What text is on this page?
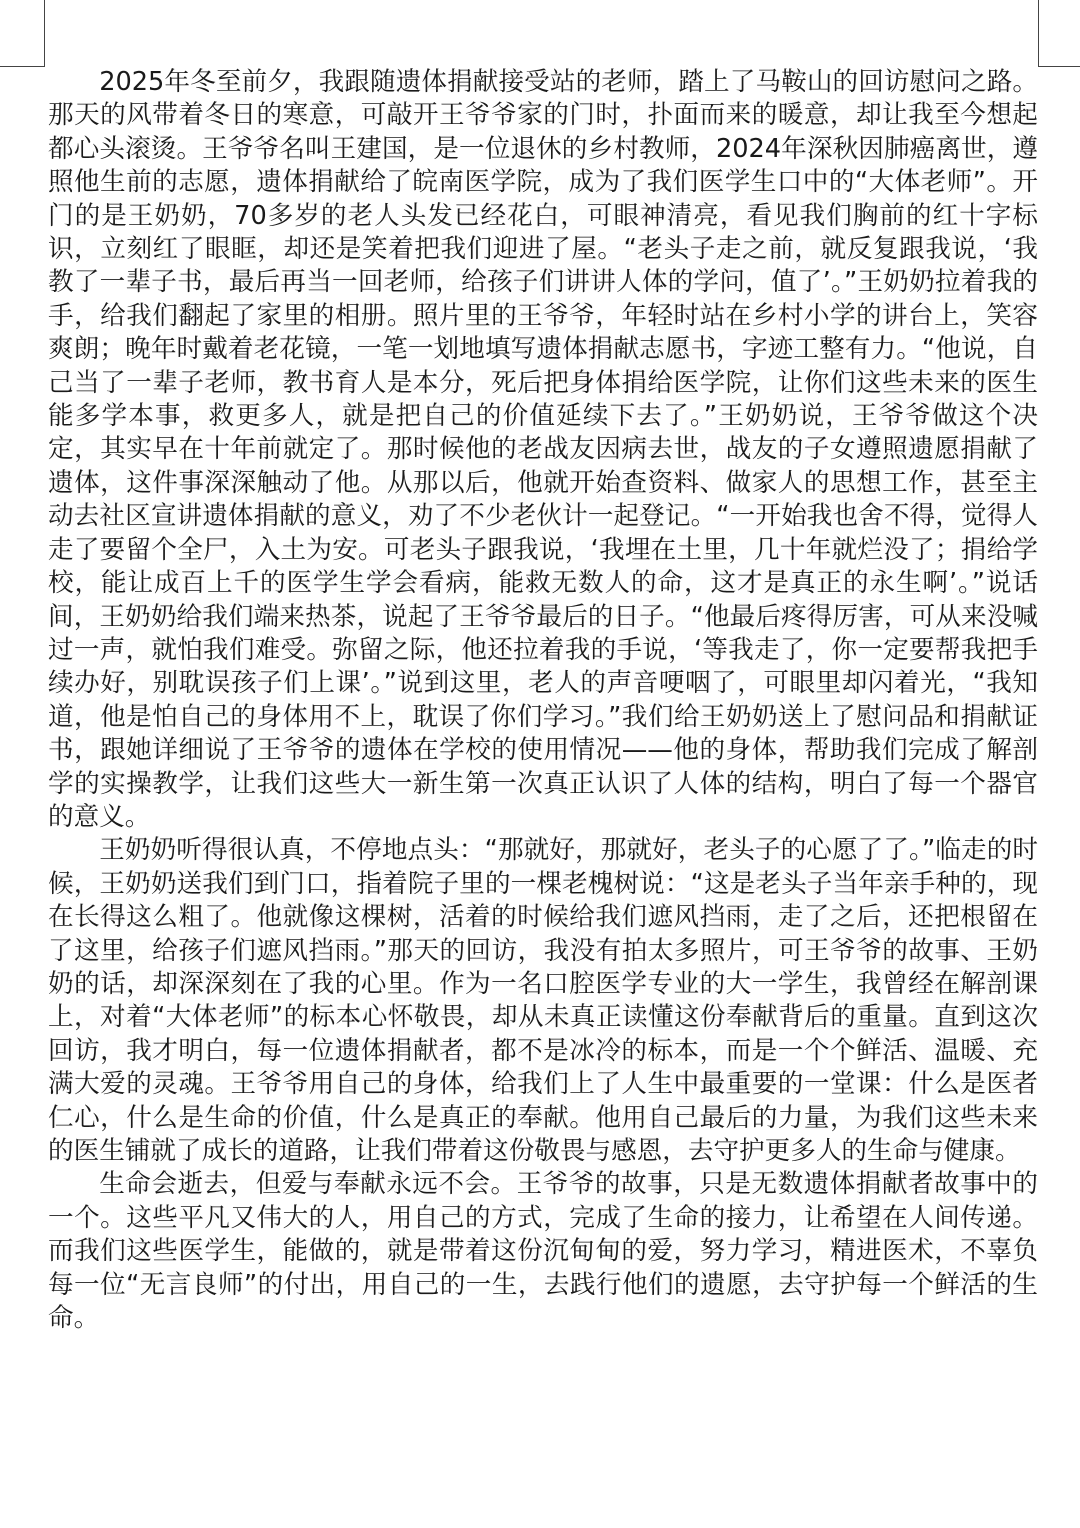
2025年冬至前夕，我跟随遗体捐献接受站的老师，踏上了马鞍山的回访慰问之路。那天的风带着冬日的寒意，可敲开王爷爷家的门时，扑面而来的暖意，却让我至今想起都心头滚烫。王爷爷名叫王建国，是一位退休的乡村教师，2024年深秋因肺癌离世，遵照他生前的志愿，遗体捐献给了皖南医学院，成为了我们医学生口中的“大体老师”。开门的是王奶奶，70多岁的老人头发已经花白，可眼神清亮，看见我们胸前的红十字标识，立刻红了眼眶，却还是笑着把我们迎进了屋。“老头子走之前，就反复跟我说，‘我教了一辈子书，最后再当一回老师，给孩子们讲讲人体的学问，值了’。”王奶奶拉着我的手，给我们翻起了家里的相册。照片里的王爷爷，年轻时站在乡村小学的讲台上，笑容爽朗；晚年时戴着老花镜，一笔一划地填写遗体捐献志愿书，字迹工整有力。“他说，自己当了一辈子老师，教书育人是本分，死后把身体捐给医学院，让你们这些未来的医生能多学本事，救更多人，就是把自己的价值延续下去了。”王奶奶说，王爷爷做这个决定，其实早在十年前就定了。那时候他的老战友因病去世，战友的子女遵照遗愿捐献了遗体，这件事深深触动了他。从那以后，他就开始查资料、做家人的思想工作，甚至主动去社区宣讲遗体捐献的意义，劝了不少老伙计一起登记。“一开始我也舍不得，觉得人走了要留个全尸，入土为安。可老头子跟我说，‘我埋在土里，几十年就烂没了；捐给学校，能让成百上千的医学生学会看病，能救无数人的命，这才是真正的永生啊’。”说话间，王奶奶给我们端来热茶，说起了王爷爷最后的日子。“他最后疼得厉害，可从来没喊过一声，就怕我们难受。弥留之际，他还拉着我的手说，‘等我走了，你一定要帮我把手续办好，别耽误孩子们上课’。”说到这里，老人的声音哽咽了，可眼里却闪着光，“我知道，他是怕自己的身体用不上，耽误了你们学习。”我们给王奶奶送上了慰问品和捐献证书，跟她详细说了王爷爷的遗体在学校的使用情况——他的身体，帮助我们完成了解剖学的实操教学，让我们这些大一新生第一次真正认识了人体的结构，明白了每一个器官的意义。

王奶奶听得很认真，不停地点头：“那就好，那就好，老头子的心愿了了。”临走的时候，王奶奶送我们到门口，指着院子里的一棵老槐树说：“这是老头子当年亲手种的，现在长得这么粗了。他就像这棵树，活着的时候给我们遮风挡雨，走了之后，还把根留在了这里，给孩子们遮风挡雨。”那天的回访，我没有拍太多照片，可王爷爷的故事、王奶奶的话，却深深刻在了我的心里。作为一名口腔医学专业的大一学生，我曾经在解剖课上，对着“大体老师”的标本心怀敬畏，却从未真正读懂这份奉献背后的重量。直到这次回访，我才明白，每一位遗体捐献者，都不是冰冷的标本，而是一个个鲜活、温暖、充满大爱的灵魂。王爷爷用自己的身体，给我们上了人生中最重要的一堂课：什么是医者仁心，什么是生命的价值，什么是真正的奉献。他用自己最后的力量，为我们这些未来的医生铺就了成长的道路，让我们带着这份敬畏与感恩，去守护更多人的生命与健康。

生命会逝去，但爱与奉献永远不会。王爷爷的故事，只是无数遗体捐献者故事中的一个。这些平凡又伟大的人，用自己的方式，完成了生命的接力，让希望在人间传递。而我们这些医学生，能做的，就是带着这份沉甸甸的爱，努力学习，精进医术，不辜负每一位“无言良师”的付出，用自己的一生，去践行他们的遗愿，去守护每一个鲜活的生命。
